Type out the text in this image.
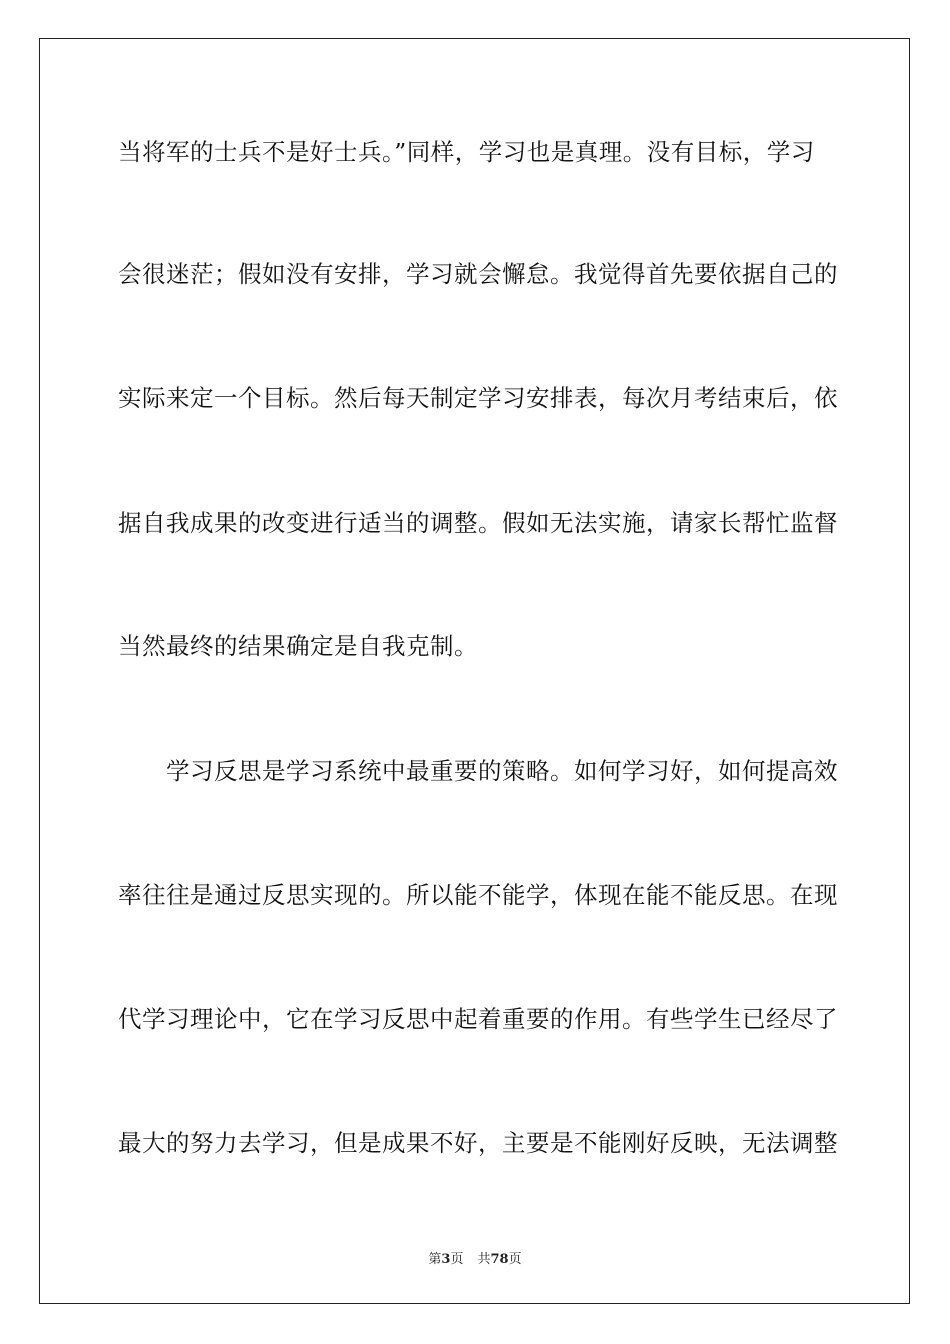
当将军的士兵不是好士兵。”同样，学习也是真理。没有目标，学习
会很迷茫；假如没有安排，学习就会懈怠。我觉得首先要依据自己的
实际来定一个目标。然后每天制定学习安排表，每次月考结束后，依
据自我成果的改变进行适当的调整。假如无法实施，请家长帮忙监督
当然最终的结果确定是自我克制。
　　学习反思是学习系统中最重要的策略。如何学习好，如何提高效
率往往是通过反思实现的。所以能不能学，体现在能不能反思。在现
代学习理论中，它在学习反思中起着重要的作用。有些学生已经尽了
最大的努力去学习，但是成果不好，主要是不能刚好反映，无法调整
第3页 共78页
